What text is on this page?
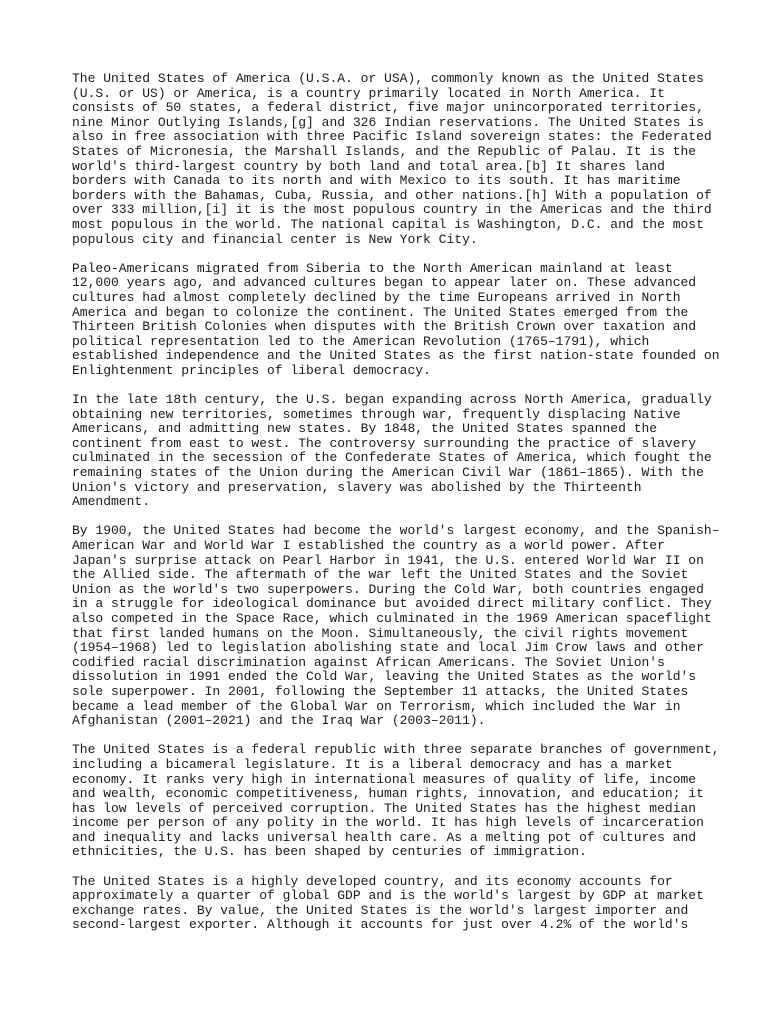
The United States of America (U.S.A. or USA), commonly known as the United States
(U.S. or US) or America, is a country primarily located in North America. It
consists of 50 states, a federal district, five major unincorporated territories,
nine Minor Outlying Islands,[g] and 326 Indian reservations. The United States is
also in free association with three Pacific Island sovereign states: the Federated
States of Micronesia, the Marshall Islands, and the Republic of Palau. It is the
world's third-largest country by both land and total area.[b] It shares land
borders with Canada to its north and with Mexico to its south. It has maritime
borders with the Bahamas, Cuba, Russia, and other nations.[h] With a population of
over 333 million,[i] it is the most populous country in the Americas and the third
most populous in the world. The national capital is Washington, D.C. and the most
populous city and financial center is New York City.

Paleo-Americans migrated from Siberia to the North American mainland at least
12,000 years ago, and advanced cultures began to appear later on. These advanced
cultures had almost completely declined by the time Europeans arrived in North
America and began to colonize the continent. The United States emerged from the
Thirteen British Colonies when disputes with the British Crown over taxation and
political representation led to the American Revolution (1765–1791), which
established independence and the United States as the first nation-state founded on
Enlightenment principles of liberal democracy.

In the late 18th century, the U.S. began expanding across North America, gradually
obtaining new territories, sometimes through war, frequently displacing Native
Americans, and admitting new states. By 1848, the United States spanned the
continent from east to west. The controversy surrounding the practice of slavery
culminated in the secession of the Confederate States of America, which fought the
remaining states of the Union during the American Civil War (1861–1865). With the
Union's victory and preservation, slavery was abolished by the Thirteenth
Amendment.

By 1900, the United States had become the world's largest economy, and the Spanish–
American War and World War I established the country as a world power. After
Japan's surprise attack on Pearl Harbor in 1941, the U.S. entered World War II on
the Allied side. The aftermath of the war left the United States and the Soviet
Union as the world's two superpowers. During the Cold War, both countries engaged
in a struggle for ideological dominance but avoided direct military conflict. They
also competed in the Space Race, which culminated in the 1969 American spaceflight
that first landed humans on the Moon. Simultaneously, the civil rights movement
(1954–1968) led to legislation abolishing state and local Jim Crow laws and other
codified racial discrimination against African Americans. The Soviet Union's
dissolution in 1991 ended the Cold War, leaving the United States as the world's
sole superpower. In 2001, following the September 11 attacks, the United States
became a lead member of the Global War on Terrorism, which included the War in
Afghanistan (2001–2021) and the Iraq War (2003–2011).

The United States is a federal republic with three separate branches of government,
including a bicameral legislature. It is a liberal democracy and has a market
economy. It ranks very high in international measures of quality of life, income
and wealth, economic competitiveness, human rights, innovation, and education; it
has low levels of perceived corruption. The United States has the highest median
income per person of any polity in the world. It has high levels of incarceration
and inequality and lacks universal health care. As a melting pot of cultures and
ethnicities, the U.S. has been shaped by centuries of immigration.

The United States is a highly developed country, and its economy accounts for
approximately a quarter of global GDP and is the world's largest by GDP at market
exchange rates. By value, the United States is the world's largest importer and
second-largest exporter. Although it accounts for just over 4.2% of the world's
